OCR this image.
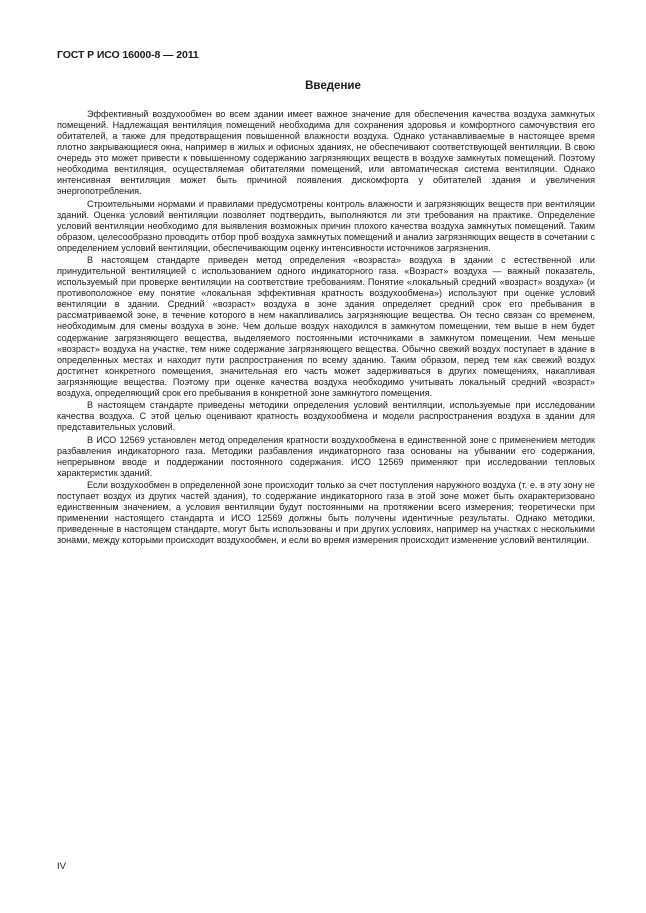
ГОСТ Р ИСО 16000-8 — 2011
Введение

Эффективный воздухообмен во всем здании имеет важное значение для обеспечения качества воздуха замкнутых помещений. Надлежащая вентиляция помещений необходима для сохранения здоровья и комфортного самочувствия его обитателей, а также для предотвращения повышенной влажности воздуха. Однако устанавливаемые в настоящее время плотно закрывающиеся окна, например в жилых и офисных зданиях, не обеспечивают соответствующей вентиляции. В свою очередь это может привести к повышенному содержанию загрязняющих веществ в воздухе замкнутых помещений. Поэтому необходима вентиляция, осуществляемая обитателями помещений, или автоматическая система вентиляции. Однако интенсивная вентиляция может быть причиной появления дискомфорта у обитателей здания и увеличения энергопотребления.

Строительными нормами и правилами предусмотрены контроль влажности и загрязняющих веществ при вентиляции зданий. Оценка условий вентиляции позволяет подтвердить, выполняются ли эти требования на практике. Определение условий вентиляции необходимо для выявления возможных причин плохого качества воздуха замкнутых помещений. Таким образом, целесообразно проводить отбор проб воздуха замкнутых помещений и анализ загрязняющих веществ в сочетании с определением условий вентиляции, обеспечивающим оценку интенсивности источников загрязнения.

В настоящем стандарте приведен метод определения «возраста» воздуха в здании с естественной или принудительной вентиляцией с использованием одного индикаторного газа. «Возраст» воздуха — важный показатель, используемый при проверке вентиляции на соответствие требованиям. Понятие «локальный средний «возраст» воздуха» (и противоположное ему понятие «локальная эффективная кратность воздухообмена») используют при оценке условий вентиляции в здании. Средний «возраст» воздуха в зоне здания определяет средний срок его пребывания в рассматриваемой зоне, в течение которого в нем накапливались загрязняющие вещества. Он тесно связан со временем, необходимым для смены воздуха в зоне. Чем дольше воздух находился в замкнутом помещении, тем выше в нем будет содержание загрязняющего вещества, выделяемого постоянными источниками в замкнутом помещении. Чем меньше «возраст» воздуха на участке, тем ниже содержание загрязняющего вещества. Обычно свежий воздух поступает в здание в определенных местах и находит пути распространения по всему зданию. Таким образом, перед тем как свежий воздух достигнет конкретного помещения, значительная его часть может задерживаться в других помещениях, накапливая загрязняющие вещества. Поэтому при оценке качества воздуха необходимо учитывать локальный средний «возраст» воздуха, определяющий срок его пребывания в конкретной зоне замкнутого помещения.

В настоящем стандарте приведены методики определения условий вентиляции, используемые при исследовании качества воздуха. С этой целью оценивают кратность воздухообмена и модели распространения воздуха в здании для представительных условий.

В ИСО 12569 установлен метод определения кратности воздухообмена в единственной зоне с применением методик разбавления индикаторного газа. Методики разбавления индикаторного газа основаны на убывании его содержания, непрерывном вводе и поддержании постоянного содержания. ИСО 12569 применяют при исследовании тепловых характеристик зданий.

Если воздухообмен в определенной зоне происходит только за счет поступления наружного воздуха (т. е. в эту зону не поступает воздух из других частей здания), то содержание индикаторного газа в этой зоне может быть охарактеризовано единственным значением, а условия вентиляции будут постоянными на протяжении всего измерения; теоретически при применении настоящего стандарта и ИСО 12569 должны быть получены идентичные результаты. Однако методики, приведенные в настоящем стандарте, могут быть использованы и при других условиях, например на участках с несколькими зонами, между которыми происходит воздухообмен, и если во время измерения происходит изменение условий вентиляции.

IV
